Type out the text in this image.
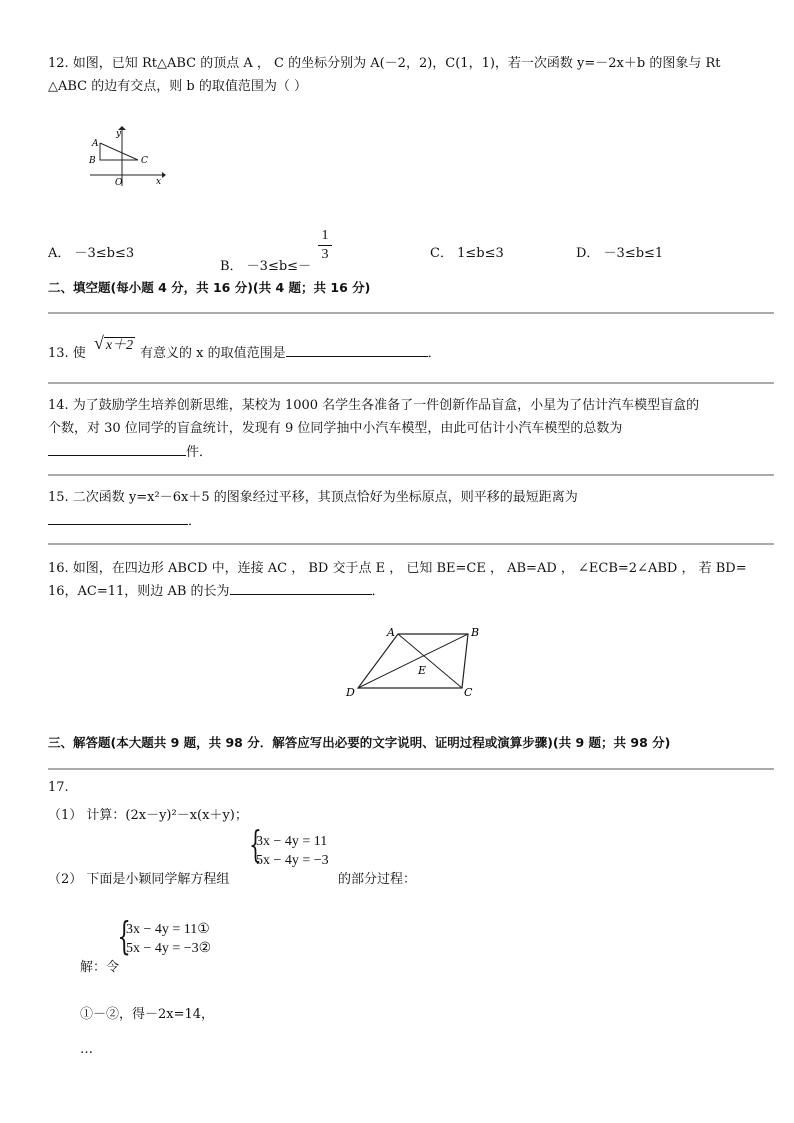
12. 如图，已知 Rt△ABC 的顶点 A ， C 的坐标分别为 A(－2，2)，C(1，1)，若一次函数 y=－2x＋b 的图象与 Rt
△ABC 的边有交点，则 b 的取值范围为（ ）
y
A
B	C
O	x
A． －3≤b≤3
B． －3≤b≤－
1
3	C． 1≤b≤3	D． －3≤b≤1
二、填空题(每小题 4 分，共 16 分)(共 4 题；共 16 分)
13. 使
√ x＋2
有意义的 x 的取值范围是	．
14. 为了鼓励学生培养创新思维，某校为 1000 名学生各准备了一件创新作品盲盒，小星为了估计汽车模型盲盒的
个数，对 30 位同学的盲盒统计，发现有 9 位同学抽中小汽车模型，由此可估计小汽车模型的总数为
件．
15. 二次函数 y=x²－6x＋5 的图象经过平移，其顶点恰好为坐标原点，则平移的最短距离为
．
16. 如图，在四边形 ABCD 中，连接 AC ， BD 交于点 E ， 已知 BE=CE ， AB=AD ， ∠ECB=2∠ABD ， 若 BD=
16，AC=11，则边 AB 的长为	．
A	B
C
D
E
三、解答题(本大题共 9 题，共 98 分．解答应写出必要的文字说明、证明过程或演算步骤)(共 9 题；共 98 分)
17.
（1） 计算：(2x－y)²－x(x＋y)；
（2） 下面是小颖同学解方程组
{
3x − 4y = 11
5x − 4y = −3
的部分过程：
{
3x − 4y = 11①
5x − 4y = −3②
解：令
①－②，得－2x=14，
…
